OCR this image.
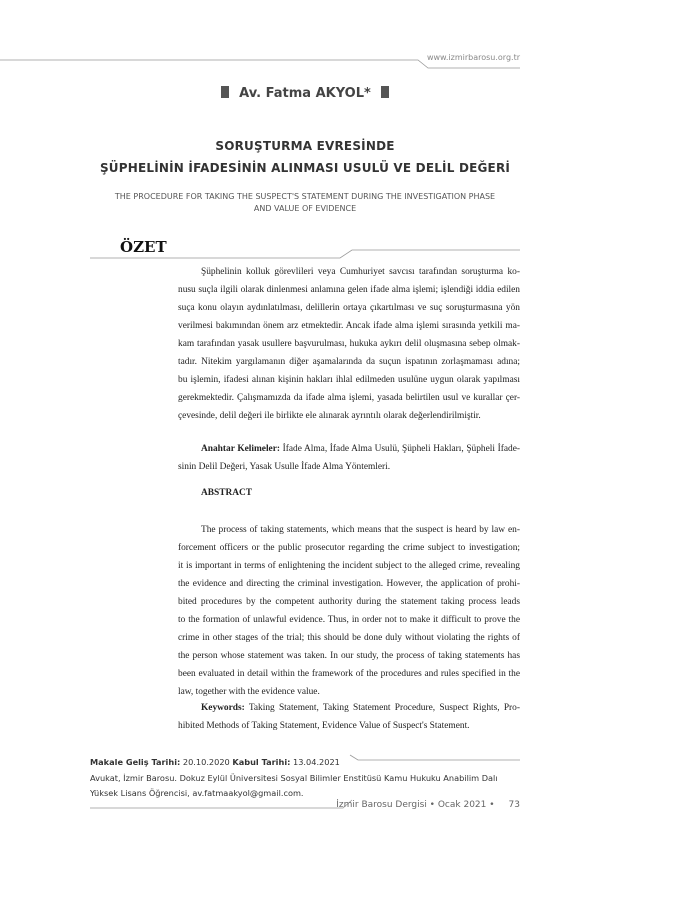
www.izmirbarosu.org.tr
Av. Fatma AKYOL*
SORUŞTURMA EVRESİNDE
ŞÜPHELİNİN İFADESİNİN ALINMASI USULÜ VE DELİL DEĞERİ
THE PROCEDURE FOR TAKING THE SUSPECT'S STATEMENT DURING THE INVESTIGATION PHASE
AND VALUE OF EVIDENCE
ÖZET
Şüphelinin kolluk görevlileri veya Cumhuriyet savcısı tarafından soruşturma ko-
nusu suçla ilgili olarak dinlenmesi anlamına gelen ifade alma işlemi; işlendiği iddia edilen
suça konu olayın aydınlatılması, delillerin ortaya çıkartılması ve suç soruşturmasına yön
verilmesi bakımından önem arz etmektedir. Ancak ifade alma işlemi sırasında yetkili ma-
kam tarafından yasak usullere başvurulması, hukuka aykırı delil oluşmasına sebep olmak-
tadır. Nitekim yargılamanın diğer aşamalarında da suçun ispatının zorlaşmaması adına;
bu işlemin, ifadesi alınan kişinin hakları ihlal edilmeden usulüne uygun olarak yapılması
gerekmektedir. Çalışmamızda da ifade alma işlemi, yasada belirtilen usul ve kurallar çer-
çevesinde, delil değeri ile birlikte ele alınarak ayrıntılı olarak değerlendirilmiştir.
Anahtar Kelimeler: İfade Alma, İfade Alma Usulü, Şüpheli Hakları, Şüpheli İfade-
sinin Delil Değeri, Yasak Usulle İfade Alma Yöntemleri.
ABSTRACT
The process of taking statements, which means that the suspect is heard by law en-
forcement officers or the public prosecutor regarding the crime subject to investigation;
it is important in terms of enlightening the incident subject to the alleged crime, revealing
the evidence and directing the criminal investigation. However, the application of prohi-
bited procedures by the competent authority during the statement taking process leads
to the formation of unlawful evidence. Thus, in order not to make it difficult to prove the
crime in other stages of the trial; this should be done duly without violating the rights of
the person whose statement was taken. In our study, the process of taking statements has
been evaluated in detail within the framework of the procedures and rules specified in the
law, together with the evidence value.
Keywords: Taking Statement, Taking Statement Procedure, Suspect Rights, Pro-
hibited Methods of Taking Statement, Evidence Value of Suspect's Statement.
Makale Geliş Tarihi: 20.10.2020 Kabul Tarihi: 13.04.2021
Avukat, İzmir Barosu. Dokuz Eylül Üniversitesi Sosyal Bilimler Enstitüsü Kamu Hukuku Anabilim Dalı
Yüksek Lisans Öğrencisi, av.fatmaakyol@gmail.com.
İzmir Barosu Dergisi • Ocak 2021 • 73
